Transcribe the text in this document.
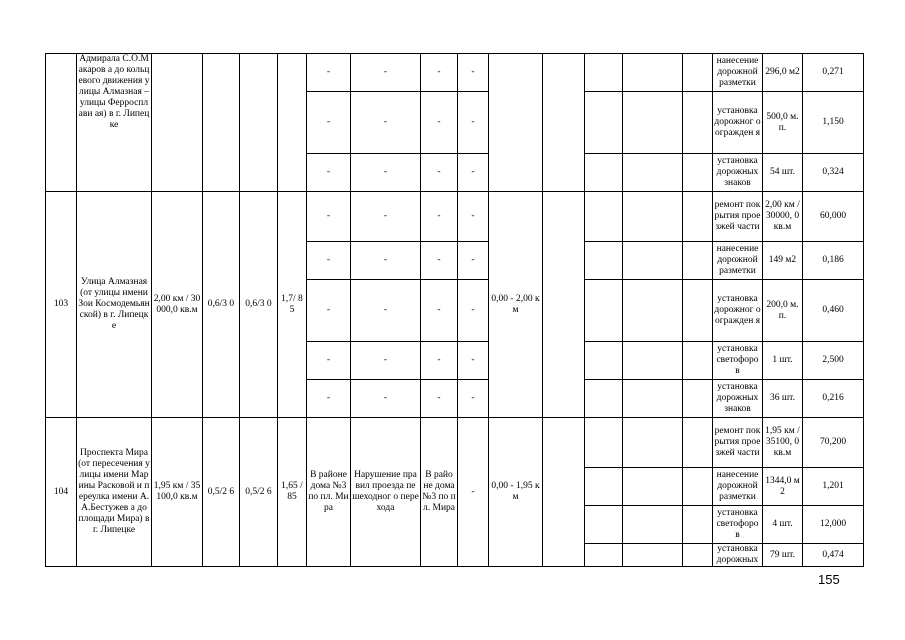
	Адмирала С.О.Макаров а до кольцевого движения улицы Алмазная – улицы Ферросплави ая) в г. Липецке					-	-	-	-						нанесение дорожной разметки	296,0 м2	0,271
						-	-	-	-						установка дорожног о огражден я	500,0 м.п.	1,150
						-	-	-	-						установка дорожных знаков	54 шт.	0,324
103	Улица Алмазная (от улицы имени Зои Космодемьян ской) в г. Липецке	2,00 км / 30000,0 кв.м	0,6/3 0	0,6/3 0	1,7/ 85	-	-	-	-	0,00 - 2,00 км					ремонт покрытия проезжей части	2,00 км / 30000, 0 кв.м	60,000
						-	-	-	-						нанесение дорожной разметки	149 м2	0,186
						-	-	-	-						установка дорожног о огражден я	200,0 м.п.	0,460
						-	-	-	-						установка светофоро в	1 шт.	2,500
						-	-	-	-						установка дорожных знаков	36 шт.	0,216
104	Проспекта Мира (от пересечения улицы имени Марины Расковой и переулка имени А.А.Бестужев а до площади Мира) в г. Липецке	1,95 км / 35100,0 кв.м	0,5/2 6	0,5/2 6	1,65 /85	В районе дома №3 по пл. Мира	Нарушение правил проезда пешеходног о перехода	В райо не дома №3 по пл. Мира	-	0,00 - 1,95 км					ремонт покрытия проезжей части	1,95 км / 35100, 0 кв.м	70,200
															нанесение дорожной разметки	1344,0 м2	1,201
															установка светофоро в	4 шт.	12,000
															установка дорожных	79 шт.	0,474
155
